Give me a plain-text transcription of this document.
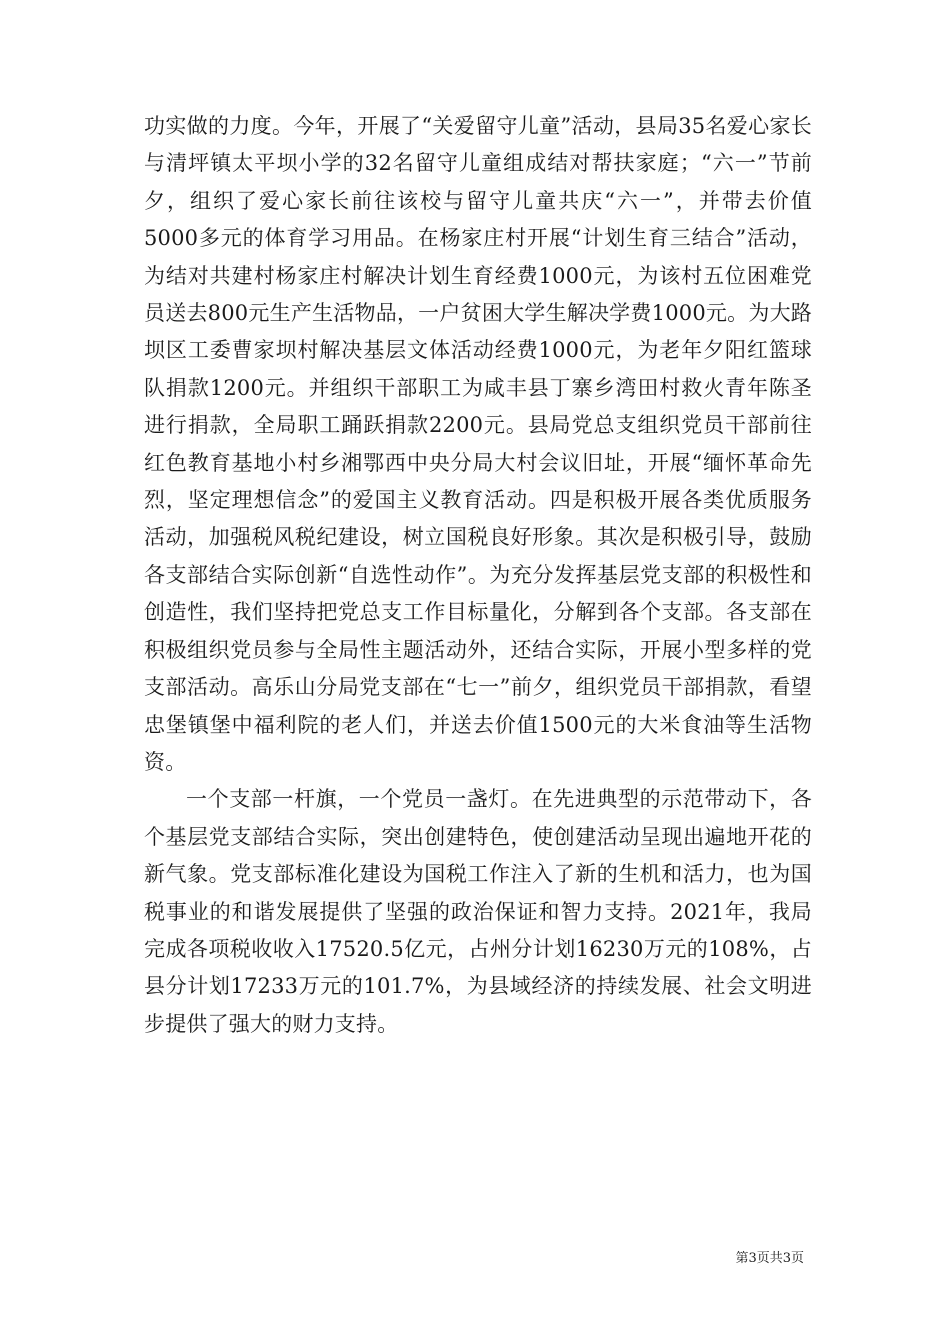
功实做的力度。今年，开展了“关爱留守儿童”活动，县局35名爱心家长与清坪镇太平坝小学的32名留守儿童组成结对帮扶家庭；“六一”节前夕，组织了爱心家长前往该校与留守儿童共庆“六一”，并带去价值5000多元的体育学习用品。在杨家庄村开展“计划生育三结合”活动，为结对共建村杨家庄村解决计划生育经费1000元，为该村五位困难党员送去800元生产生活物品，一户贫困大学生解决学费1000元。为大路坝区工委曹家坝村解决基层文体活动经费1000元，为老年夕阳红篮球队捐款1200元。并组织干部职工为咸丰县丁寨乡湾田村救火青年陈圣进行捐款，全局职工踊跃捐款2200元。县局党总支组织党员干部前往红色教育基地小村乡湘鄂西中央分局大村会议旧址，开展“缅怀革命先烈，坚定理想信念”的爱国主义教育活动。四是积极开展各类优质服务活动，加强税风税纪建设，树立国税良好形象。其次是积极引导，鼓励各支部结合实际创新“自选性动作”。为充分发挥基层党支部的积极性和创造性，我们坚持把党总支工作目标量化，分解到各个支部。各支部在积极组织党员参与全局性主题活动外，还结合实际，开展小型多样的党支部活动。高乐山分局党支部在“七一”前夕，组织党员干部捐款，看望忠堡镇堡中福利院的老人们，并送去价值1500元的大米食油等生活物资。

一个支部一杆旗，一个党员一盏灯。在先进典型的示范带动下，各个基层党支部结合实际，突出创建特色，使创建活动呈现出遍地开花的新气象。党支部标准化建设为国税工作注入了新的生机和活力，也为国税事业的和谐发展提供了坚强的政治保证和智力支持。2021年，我局完成各项税收收入17520.5亿元，占州分计划16230万元的108%，占县分计划17233万元的101.7%，为县域经济的持续发展、社会文明进步提供了强大的财力支持。

第3页共3页
